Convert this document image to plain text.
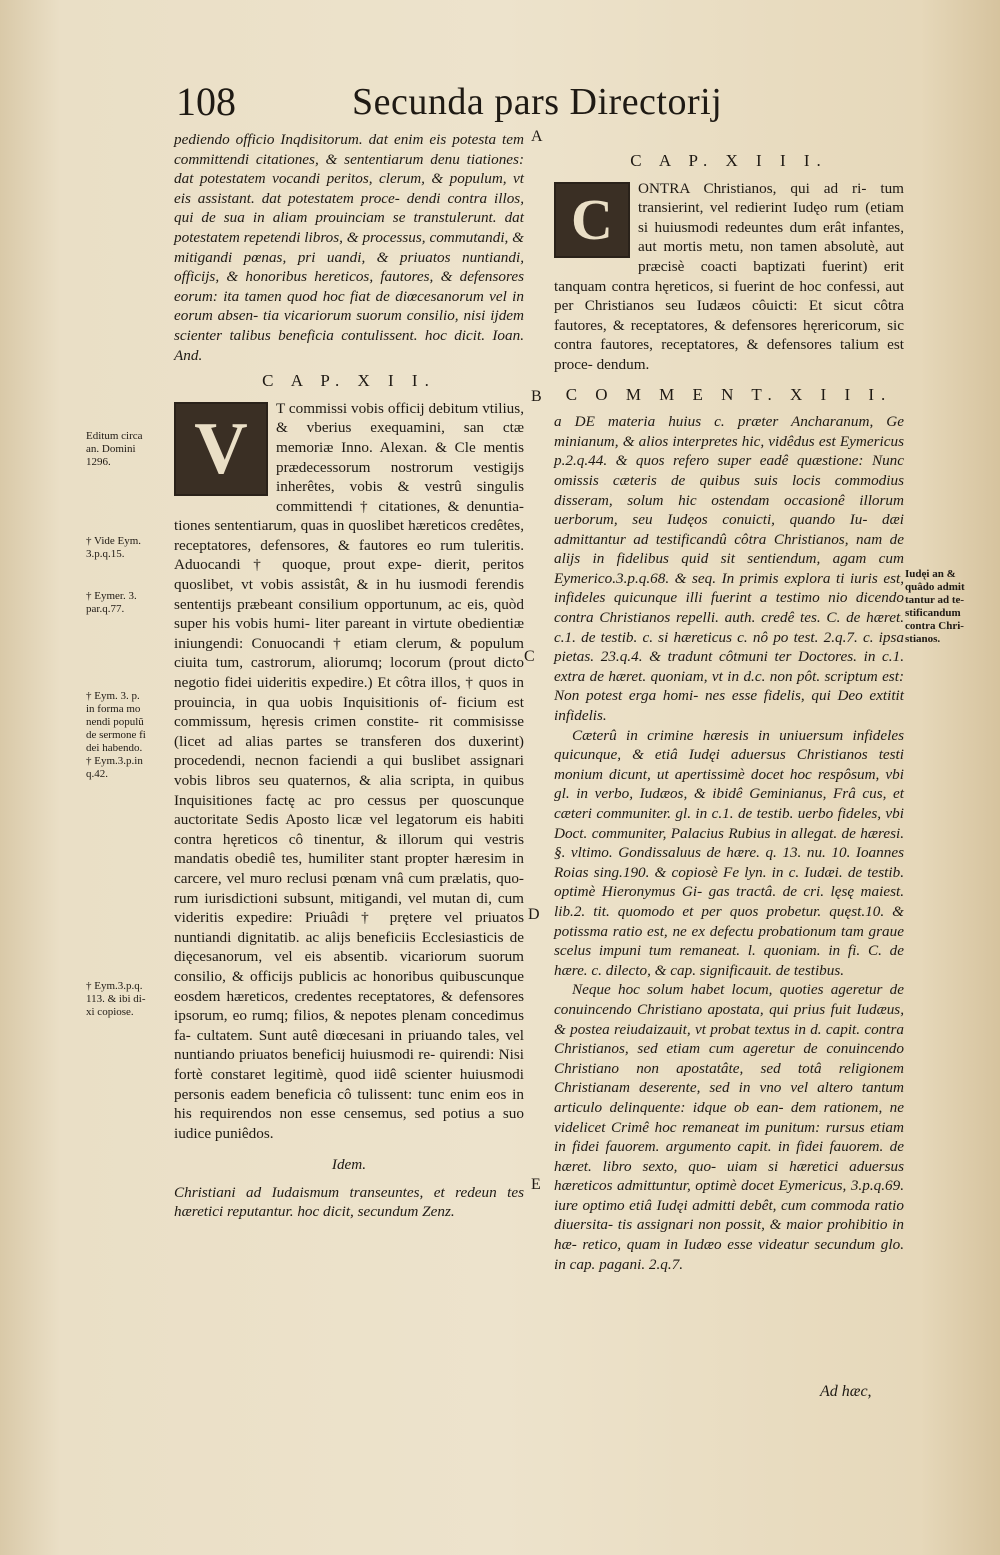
108	Secunda pars Directorij
A
B
C
D
E

pediendo officio Inqdisitorum. dat enim eis potesta tem committendi citationes, & sententiarum denu tiationes: dat potestatem vocandi peritos, clerum, & populum, vt eis assistant. dat potestatem proce- dendi contra illos, qui de sua in aliam prouinciam se transtulerunt. dat potestatem repetendi libros, & processus, commutandi, & mitigandi pœnas, pri uandi, & priuatos nuntiandi, officijs, & honoribus hereticos, fautores, & defensores eorum: ita tamen quod hoc fiat de diœcesanorum vel in eorum absen- tia vicariorum suorum consilio, nisi ijdem scienter talibus beneficia contulissent. hoc dicit. Ioan. And.

C A P. X I I.

V	T commissi vobis officij debitum vtilius, & vberius exequamini, san ctæ memoriæ Inno. Alexan. & Cle mentis prædecessorum nostrorum vestigijs inherêtes, vobis & vestrû singulis committendi † citationes, & denuntia- tiones sententiarum, quas in quoslibet hæreticos credêtes, receptatores, defensores, & fautores eo rum tuleritis. Aduocandi † quoque, prout expe- dierit, peritos quoslibet, vt vobis assistât, & in hu iusmodi ferendis sententijs præbeant consilium opportunum, ac eis, quòd super his vobis humi- liter pareant in virtute obedientiæ iniungendi: Conuocandi † etiam clerum, & populum ciuita tum, castrorum, aliorumq; locorum (prout dicto negotio fidei uideritis expedire.) Et côtra illos, † quos in prouincia, in qua uobis Inquisitionis of- ficium est commissum, hęresis crimen constite- rit commisisse (licet ad alias partes se transferen dos duxerint) procedendi, necnon faciendi a qui buslibet assignari vobis libros seu quaternos, & alia scripta, in quibus Inquisitiones factę ac pro cessus per quoscunque auctoritate Sedis Aposto licæ vel legatorum eis habiti contra hęreticos cô tinentur, & illorum qui vestris mandatis obediê tes, humiliter stant propter hæresim in carcere, vel muro reclusi pœnam vnâ cum prælatis, quo- rum iurisdictioni subsunt, mitigandi, vel mutan di, cum videritis expedire: Priuâdi † prętere vel priuatos nuntiandi dignitatib. ac alijs beneficiis Ecclesiasticis de dięcesanorum, vel eis absentib. vicariorum suorum consilio, & officijs publicis ac honoribus quibuscunque eosdem hæreticos, credentes receptatores, & defensores ipsorum, eo rumq; filios, & nepotes plenam concedimus fa- cultatem. Sunt autê diœcesani in priuando tales, vel nuntiando priuatos beneficij huiusmodi re- quirendi: Nisi fortè constaret legitimè, quod iidê scienter huiusmodi personis eadem beneficia cô tulissent: tunc enim eos in his requirendos non esse censemus, sed potius a suo iudice puniêdos.

Idem.

Christiani ad Iudaismum transeuntes, et redeun tes hæretici reputantur. hoc dicit, secundum Zenz.

Editum circa
an. Domini
1296.
† Vide Eym.
3.p.q.15.
† Eymer. 3.
par.q.77.
† Eym. 3. p.
in forma mo
nendi populũ
de sermone fi
dei habendo.
† Eym.3.p.in
q.42.
† Eym.3.p.q.
113. & ibi di-
xi copiose.
C A P. X I I I.

C	ONTRA Christianos, qui ad ri- tum transierint, vel redierint Iudęo rum (etiam si huiusmodi redeuntes dum erât infantes, aut mortis metu, non tamen absolutè, aut præcisè coacti baptizati fuerint) erit tanquam contra hęreticos, si fuerint de hoc confessi, aut per Christianos seu Iudæos côuicti: Et sicut côtra fautores, & receptatores, & defensores hęrericorum, sic contra fautores, receptatores, & defensores talium est proce- dendum.

C O M M E N T. X I I I.

a DE materia huius c. præter Ancharanum, Ge minianum, & alios interpretes hic, vidêdus est Eymericus p.2.q.44. & quos refero super eadê quæstione: Nunc omissis cæteris de quibus suis locis commodius disseram, solum hic ostendam occasionê illorum uerborum, seu Iudęos conuicti, quando Iu- dæi admittantur ad testificandû côtra Christianos, nam de alijs in fidelibus quid sit sentiendum, agam cum Eymerico.3.p.q.68. & seq. In primis explora ti iuris est, infideles quicunque illi fuerint a testimo nio dicendo contra Christianos repelli. auth. credê tes. C. de hæret. c.1. de testib. c. si hæreticus c. nô po test. 2.q.7. c. ipsa pietas. 23.q.4. & tradunt côtmuni ter Doctores. in c.1. extra de hæret. quoniam, vt in d.c. non pôt. scriptum est: Non potest erga homi- nes esse fidelis, qui Deo extitit infidelis.

Cæterû in crimine hæresis in uniuersum infideles quicunque, & etiâ Iudęi aduersus Christianos testi monium dicunt, ut apertissimè docet hoc respôsum, vbi gl. in verbo, Iudæos, & ibidê Geminianus, Frâ cus, et cæteri communiter. gl. in c.1. de testib. uerbo fideles, vbi Doct. communiter, Palacius Rubius in allegat. de hæresi. §. vltimo. Gondissaluus de hære. q. 13. nu. 10. Ioannes Roias sing.190. & copiosè Fe lyn. in c. Iudæi. de testib. optimè Hieronymus Gi- gas tractâ. de cri. lęsę maiest. lib.2. tit. quomodo et per quos probetur. quęst.10. & potissma ratio est, ne ex defectu probationum tam graue scelus impuni tum remaneat. l. quoniam. in fi. C. de hære. c. dilecto, & cap. significauit. de testibus.

Neque hoc solum habet locum, quoties ageretur de conuincendo Christiano apostata, qui prius fuit Iudæus, & postea reiudaizauit, vt probat textus in d. capit. contra Christianos, sed etiam cum ageretur de conuincendo Christiano non apostatâte, sed totâ religionem Christianam deserente, sed in vno vel altero tantum articulo delinquente: idque ob ean- dem rationem, ne videlicet Crimê hoc remaneat im punitum: rursus etiam in fidei fauorem. argumento capit. in fidei fauorem. de hæret. libro sexto, quo- uiam si hæretici aduersus hæreticos admittuntur, optimè docet Eymericus, 3.p.q.69. iure optimo etiâ Iudęi admitti debêt, cum commoda ratio diuersita- tis assignari non possit, & maior prohibitio in hæ- retico, quam in Iudæo esse videatur secundum glo. in cap. pagani. 2.q.7.

Iudęi an &
quâdo admit
tantur ad te-
stificandum
contra Chri-
stianos.
Ad hæc,
